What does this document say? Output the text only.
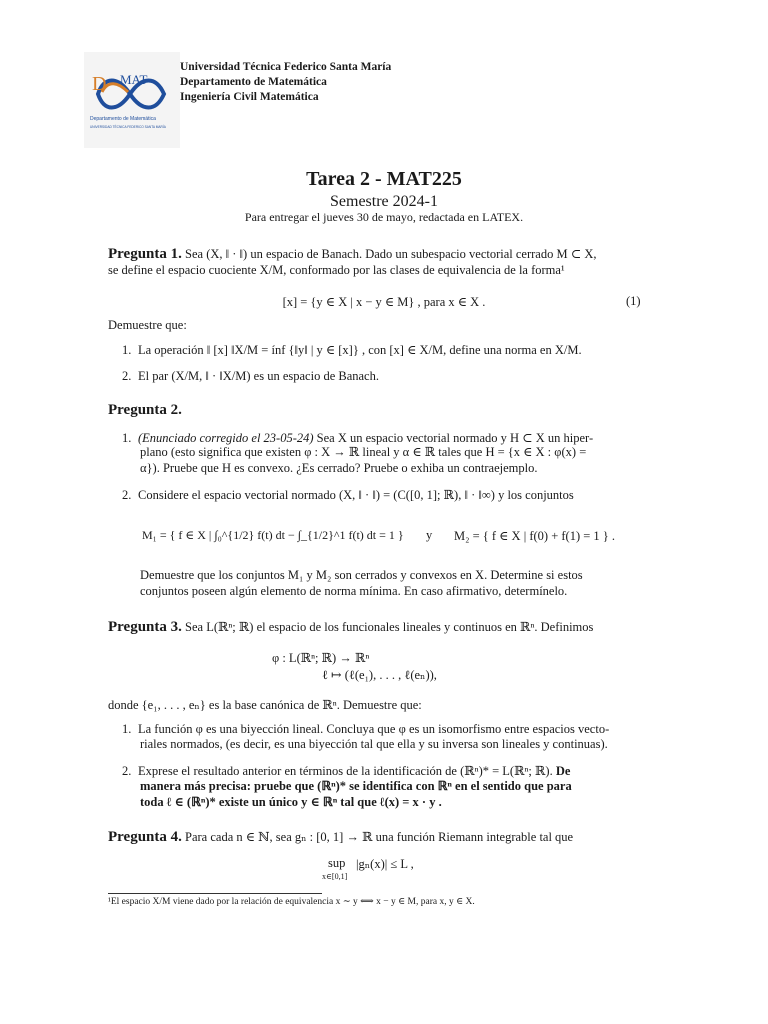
D MAT
Departamento de Matemática
UNIVERSIDAD TÉCNICA FEDERICO SANTA MARÍA
Universidad Técnica Federico Santa María
Departamento de Matemática
Ingeniería Civil Matemática
Tarea 2 - MAT225
Semestre 2024-1
Para entregar el jueves 30 de mayo, redactada en LATEX.
Pregunta 1. Sea (X, ‖ · ‖) un espacio de Banach. Dado un subespacio vectorial cerrado M ⊂ X,
se define el espacio cuociente X/M, conformado por las clases de equivalencia de la forma¹
[x] = {y ∈ X | x − y ∈ M} , para x ∈ X .	(1)
Demuestre que:
1. La operación ‖ [x] ‖X/M = ínf {‖y‖ | y ∈ [x]} , con [x] ∈ X/M, define una norma en X/M.
2. El par (X/M, ‖ · ‖X/M) es un espacio de Banach.
Pregunta 2.
1. (Enunciado corregido el 23-05-24) Sea X un espacio vectorial normado y H ⊂ X un hiper-
plano (esto significa que existen φ : X → ℝ lineal y α ∈ ℝ tales que H = {x ∈ X : φ(x) =
α}). Pruebe que H es convexo. ¿Es cerrado? Pruebe o exhiba un contraejemplo.
2. Considere el espacio vectorial normado (X, ‖ · ‖) = (C([0, 1]; ℝ), ‖ · ‖∞) y los conjuntos
M₁ = { f ∈ X | ∫₀^{1/2} f(t) dt − ∫_{1/2}^1 f(t) dt = 1 } y M₂ = { f ∈ X | f(0) + f(1) = 1 } .
Demuestre que los conjuntos M₁ y M₂ son cerrados y convexos en X. Determine si estos
conjuntos poseen algún elemento de norma mínima. En caso afirmativo, determínelo.
Pregunta 3. Sea L(ℝⁿ; ℝ) el espacio de los funcionales lineales y continuos en ℝⁿ. Definimos
φ : L(ℝⁿ; ℝ) → ℝⁿ
ℓ ↦ (ℓ(e₁), . . . , ℓ(eₙ)),
donde {e₁, . . . , eₙ} es la base canónica de ℝⁿ. Demuestre que:
1. La función φ es una biyección lineal. Concluya que φ es un isomorfismo entre espacios vecto-
riales normados, (es decir, es una biyección tal que ella y su inversa son lineales y continuas).
2. Exprese el resultado anterior en términos de la identificación de (ℝⁿ)* = L(ℝⁿ; ℝ). De
manera más precisa: pruebe que (ℝⁿ)* se identifica con ℝⁿ en el sentido que para
toda ℓ ∈ (ℝⁿ)* existe un único y ∈ ℝⁿ tal que ℓ(x) = x · y .
Pregunta 4. Para cada n ∈ ℕ, sea gₙ : [0, 1] → ℝ una función Riemann integrable tal que
sup
x∈[0,1]
|gₙ(x)| ≤ L ,
¹El espacio X/M viene dado por la relación de equivalencia x ∼ y ⟺ x − y ∈ M, para x, y ∈ X.
